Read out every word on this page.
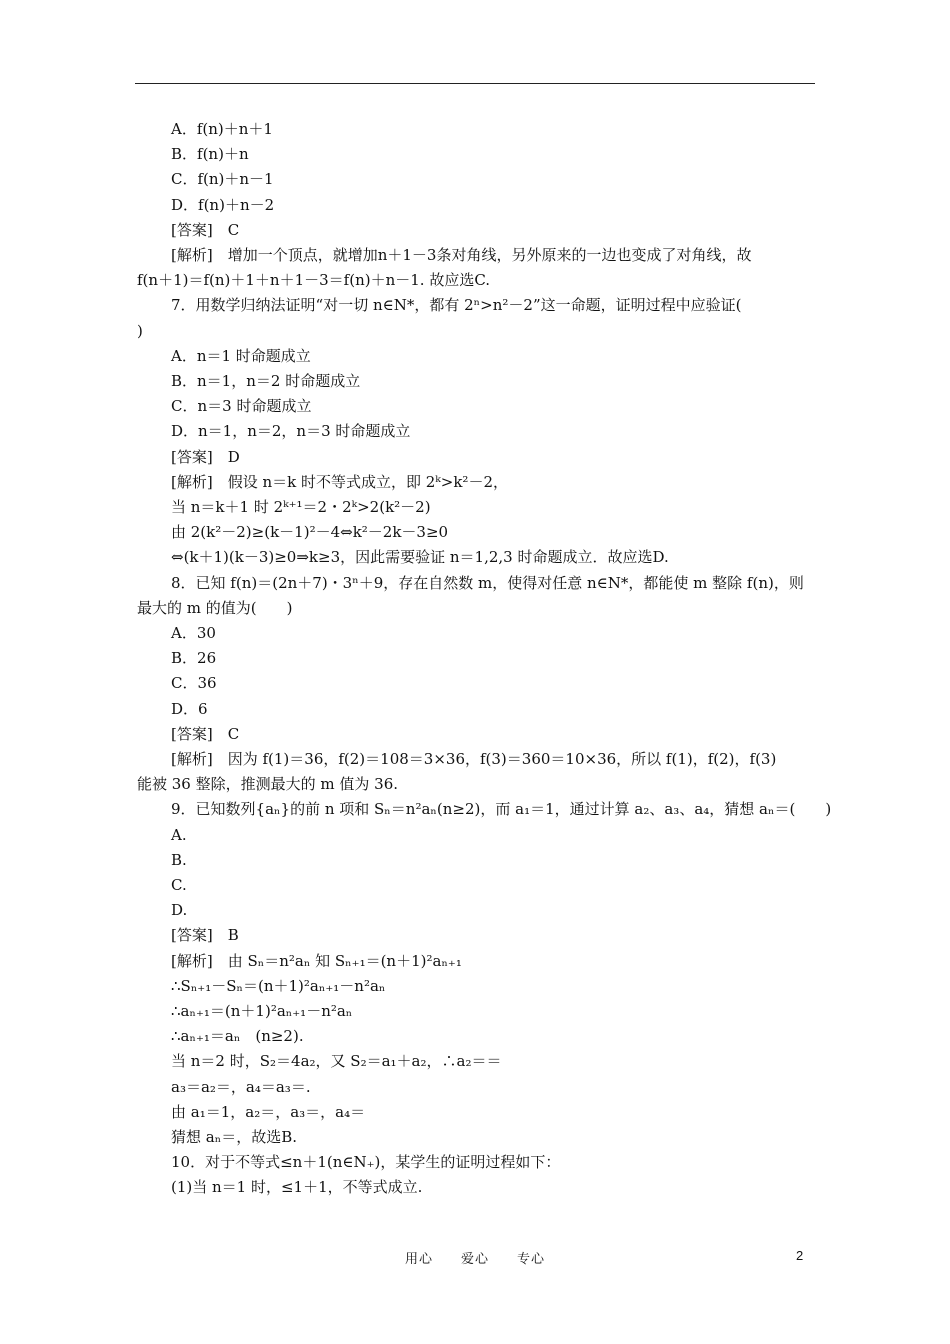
A．f(n)＋n＋1
B．f(n)＋n
C．f(n)＋n－1
D．f(n)＋n－2
[答案]　C
[解析]　增加一个顶点，就增加n＋1－3条对角线，另外原来的一边也变成了对角线，故
f(n＋1)＝f(n)＋1＋n＋1－3＝f(n)＋n－1. 故应选C.
7．用数学归纳法证明“对一切 n∈N*，都有 2ⁿ>n²－2”这一命题，证明过程中应验证(
)
A．n＝1 时命题成立
B．n＝1，n＝2 时命题成立
C．n＝3 时命题成立
D．n＝1，n＝2，n＝3 时命题成立
[答案]　D
[解析]　假设 n＝k 时不等式成立，即 2ᵏ>k²－2，
当 n＝k＋1 时 2ᵏ⁺¹＝2・2ᵏ>2(k²－2)
由 2(k²－2)≥(k－1)²－4⇔k²－2k－3≥0
⇔(k＋1)(k－3)≥0⇒k≥3，因此需要验证 n＝1,2,3 时命题成立．故应选D.
8．已知 f(n)＝(2n＋7)・3ⁿ＋9，存在自然数 m，使得对任意 n∈N*，都能使 m 整除 f(n)，则
最大的 m 的值为(　　)
A．30
B．26
C．36
D．6
[答案]　C
[解析]　因为 f(1)＝36，f(2)＝108＝3×36，f(3)＝360＝10×36，所以 f(1)，f(2)，f(3)
能被 36 整除，推测最大的 m 值为 36.
9．已知数列{aₙ}的前 n 项和 Sₙ＝n²aₙ(n≥2)，而 a₁＝1，通过计算 a₂、a₃、a₄，猜想 aₙ＝(　　)
A.
B.
C.
D.
[答案]　B
[解析]　由 Sₙ＝n²aₙ 知 Sₙ₊₁＝(n＋1)²aₙ₊₁
∴Sₙ₊₁－Sₙ＝(n＋1)²aₙ₊₁－n²aₙ
∴aₙ₊₁＝(n＋1)²aₙ₊₁－n²aₙ
∴aₙ₊₁＝aₙ　(n≥2).
当 n＝2 时，S₂＝4a₂，又 S₂＝a₁＋a₂，∴a₂＝＝
a₃＝a₂＝，a₄＝a₃＝.
由 a₁＝1，a₂＝，a₃＝，a₄＝
猜想 aₙ＝，故选B.
10．对于不等式≤n＋1(n∈N₊)，某学生的证明过程如下：
(1)当 n＝1 时，≤1＋1，不等式成立.
用心　　爱心　　专心	2
